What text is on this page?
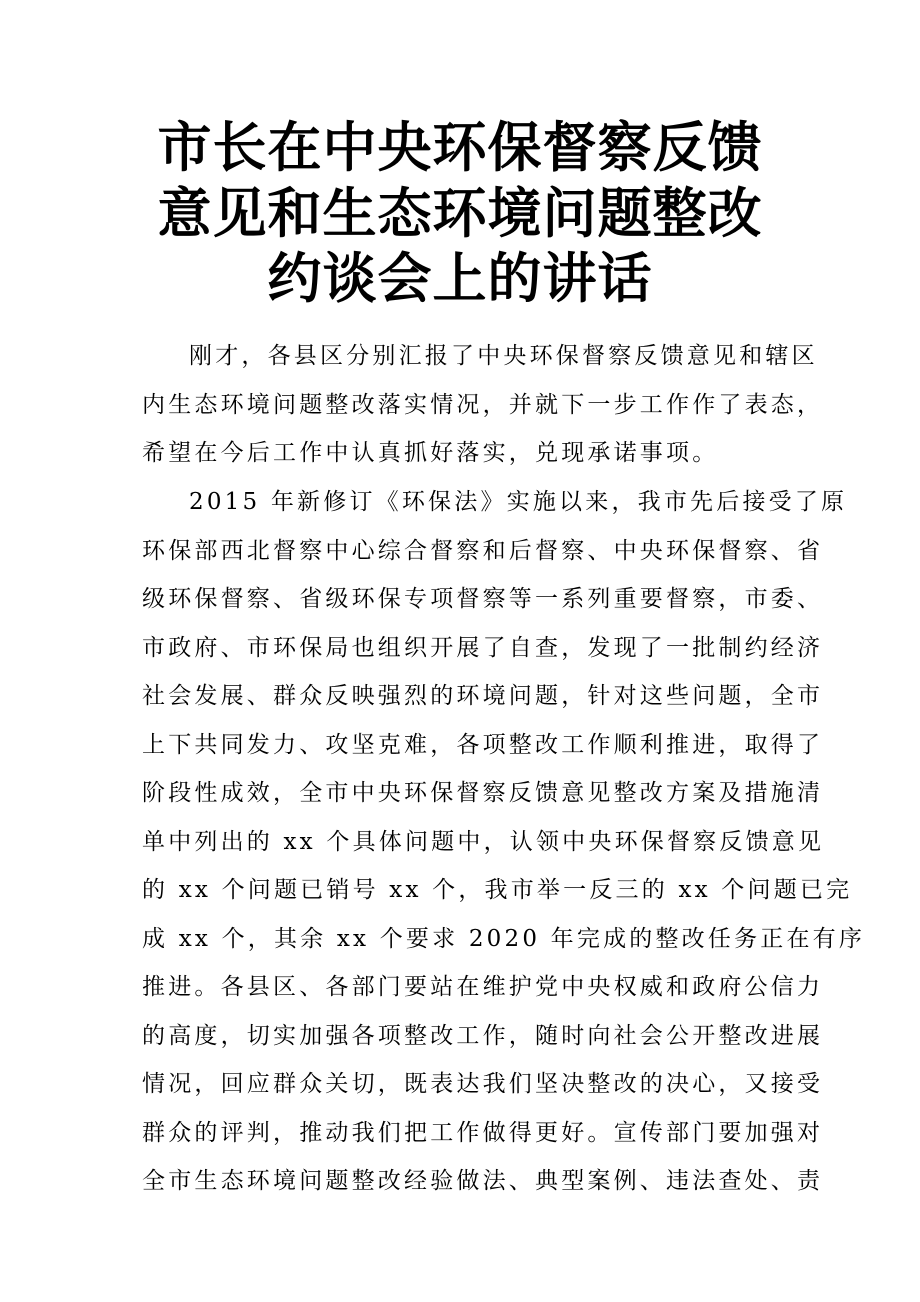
市长在中央环保督察反馈
意见和生态环境问题整改
约谈会上的讲话
刚才，各县区分别汇报了中央环保督察反馈意见和辖区
内生态环境问题整改落实情况，并就下一步工作作了表态，
希望在今后工作中认真抓好落实，兑现承诺事项。
2015 年新修订《环保法》实施以来，我市先后接受了原
环保部西北督察中心综合督察和后督察、中央环保督察、省
级环保督察、省级环保专项督察等一系列重要督察，市委、
市政府、市环保局也组织开展了自查，发现了一批制约经济
社会发展、群众反映强烈的环境问题，针对这些问题，全市
上下共同发力、攻坚克难，各项整改工作顺利推进，取得了
阶段性成效，全市中央环保督察反馈意见整改方案及措施清
单中列出的 xx 个具体问题中，认领中央环保督察反馈意见
的 xx 个问题已销号 xx 个，我市举一反三的 xx 个问题已完
成 xx 个，其余 xx 个要求 2020 年完成的整改任务正在有序
推进。各县区、各部门要站在维护党中央权威和政府公信力
的高度，切实加强各项整改工作，随时向社会公开整改进展
情况，回应群众关切，既表达我们坚决整改的决心，又接受
群众的评判，推动我们把工作做得更好。宣传部门要加强对
全市生态环境问题整改经验做法、典型案例、违法查处、责
